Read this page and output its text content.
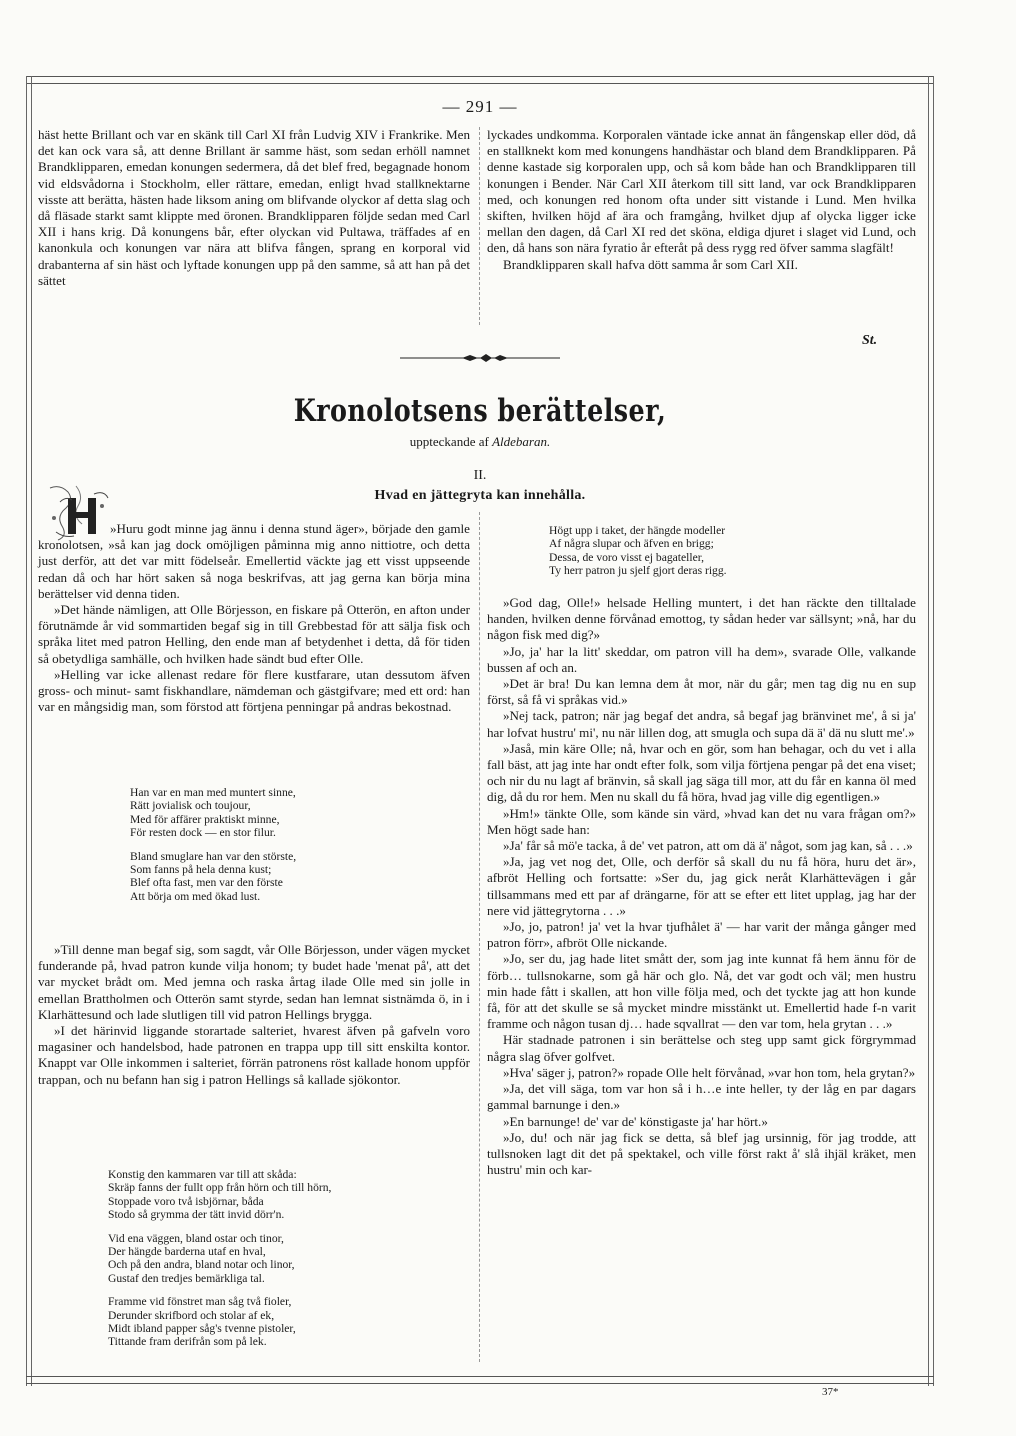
— 291 —

häst hette Brillant och var en skänk till Carl XI från Ludvig XIV i Frankrike. Men det kan ock vara så, att denne Brillant är samme häst, som sedan erhöll namnet Brandklipparen, emedan konungen sedermera, då det blef fred, begagnade honom vid eldsvådorna i Stockholm, eller rättare, emedan, enligt hvad stallknektarne visste att berätta, hästen hade liksom aning om blifvande olyckor af detta slag och då fläsade starkt samt klippte med öronen. Brandklipparen följde sedan med Carl XII i hans krig. Då konungens bår, efter olyckan vid Pultawa, träffades af en kanonkula och konungen var nära att blifva fången, sprang en korporal vid drabanterna af sin häst och lyftade konungen upp på den samme, så att han på det sättet

lyckades undkomma. Korporalen väntade icke annat än fångenskap eller död, då en stallknekt kom med konungens handhästar och bland dem Brandklipparen. På denne kastade sig korporalen upp, och så kom både han och Brandklipparen till konungen i Bender. När Carl XII återkom till sitt land, var ock Brandklipparen med, och konungen red honom ofta under sitt vistande i Lund. Men hvilka skiften, hvilken höjd af ära och framgång, hvilket djup af olycka ligger icke mellan den dagen, då Carl XI red det sköna, eldiga djuret i slaget vid Lund, och den, då hans son nära fyratio år efteråt på dess rygg red öfver samma slagfält!

Brandklipparen skall hafva dött samma år som Carl XII.

St.
Kronolotsens berättelser,
uppteckande af Aldebaran.
II.
Hvad en jättegryta kan innehålla.

»Huru godt minne jag ännu i denna stund äger», började den gamle kronolotsen, »så kan jag dock omöjligen påminna mig anno nittiotre, och detta just derför, att det var mitt födelseår. Emellertid väckte jag ett visst uppseende redan då och har hört saken så noga beskrifvas, att jag gerna kan börja mina berättelser vid denna tiden.

»Det hände nämligen, att Olle Börjesson, en fiskare på Otterön, en afton under förutnämde år vid sommartiden begaf sig in till Grebbestad för att sälja fisk och språka litet med patron Helling, den ende man af betydenhet i detta, då för tiden så obetydliga samhälle, och hvilken hade sändt bud efter Olle.

»Helling var icke allenast redare för flere kustfarare, utan dessutom äfven gross- och minut- samt fiskhandlare, nämdeman och gästgifvare; med ett ord: han var en mångsidig man, som förstod att förtjena penningar på andras bekostnad.

Han var en man med muntert sinne,
Rätt jovialisk och toujour,
Med för affärer praktiskt minne,
För resten dock — en stor filur.
Bland smuglare han var den störste,
Som fanns på hela denna kust;
Blef ofta fast, men var den förste
Att börja om med ökad lust.

»Till denne man begaf sig, som sagdt, vår Olle Börjesson, under vägen mycket funderande på, hvad patron kunde vilja honom; ty budet hade 'menat på', att det var mycket brådt om. Med jemna och raska årtag ilade Olle med sin jolle in emellan Brattholmen och Otterön samt styrde, sedan han lemnat sistnämda ö, in i Klarhättesund och lade slutligen till vid patron Hellings brygga.

»I det härinvid liggande storartade salteriet, hvarest äfven på gafveln voro magasiner och handelsbod, hade patronen en trappa upp till sitt enskilta kontor. Knappt var Olle inkommen i salteriet, förrän patronens röst kallade honom uppför trappan, och nu befann han sig i patron Hellings så kallade sjökontor.

Konstig den kammaren var till att skåda:
Skräp fanns der fullt opp från hörn och till hörn,
Stoppade voro två isbjörnar, båda
Stodo så grymma der tätt invid dörr'n.
Vid ena väggen, bland ostar och tinor,
Der hängde barderna utaf en hval,
Och på den andra, bland notar och linor,
Gustaf den tredjes bemärkliga tal.
Framme vid fönstret man såg två fioler,
Derunder skrifbord och stolar af ek,
Midt ibland papper såg's tvenne pistoler,
Tittande fram derifrån som på lek.
Högt upp i taket, der hängde modeller
Af några slupar och äfven en brigg;
Dessa, de voro visst ej bagateller,
Ty herr patron ju sjelf gjort deras rigg.

»God dag, Olle!» helsade Helling muntert, i det han räckte den tilltalade handen, hvilken denne förvånad emottog, ty sådan heder var sällsynt; »nå, har du någon fisk med dig?»

»Jo, ja' har la litt' skeddar, om patron vill ha dem», svarade Olle, valkande bussen af och an.

»Det är bra! Du kan lemna dem åt mor, när du går; men tag dig nu en sup först, så få vi språkas vid.»

»Nej tack, patron; när jag begaf det andra, så begaf jag bränvinet me', å si ja' har lofvat hustru' mi', nu när lillen dog, att smugla och supa dä ä' dä nu slutt me'.»

»Jaså, min käre Olle; nå, hvar och en gör, som han behagar, och du vet i alla fall bäst, att jag inte har ondt efter folk, som vilja förtjena pengar på det ena viset; och nir du nu lagt af bränvin, så skall jag säga till mor, att du får en kanna öl med dig, då du ror hem. Men nu skall du få höra, hvad jag ville dig egentligen.»

»Hm!» tänkte Olle, som kände sin värd, »hvad kan det nu vara frågan om?» Men högt sade han:

»Ja' får så mö'e tacka, å de' vet patron, att om dä ä' något, som jag kan, så . . .»

»Ja, jag vet nog det, Olle, och derför så skall du nu få höra, huru det är», afbröt Helling och fortsatte: »Ser du, jag gick neråt Klarhättevägen i går tillsammans med ett par af drängarne, för att se efter ett litet upplag, jag har der nere vid jättegrytorna . . .»

»Jo, jo, patron! ja' vet la hvar tjufhålet ä' — har varit der många gånger med patron förr», afbröt Olle nickande.

»Jo, ser du, jag hade litet smått der, som jag inte kunnat få hem ännu för de förb… tullsnokarne, som gå här och glo. Nå, det var godt och väl; men hustru min hade fått i skallen, att hon ville följa med, och det tyckte jag att hon kunde få, för att det skulle se så mycket mindre misstänkt ut. Emellertid hade f-n varit framme och någon tusan dj… hade sqvallrat — den var tom, hela grytan . . .»

Här stadnade patronen i sin berättelse och steg upp samt gick förgrymmad några slag öfver golfvet.

»Hva' säger j, patron?» ropade Olle helt förvånad, »var hon tom, hela grytan?»

»Ja, det vill säga, tom var hon så i h…e inte heller, ty der låg en par dagars gammal barnunge i den.»

»En barnunge! de' var de' könstigaste ja' har hört.»

»Jo, du! och när jag fick se detta, så blef jag ursinnig, för jag trodde, att tullsnoken lagt dit det på spektakel, och ville först rakt å' slå ihjäl kräket, men hustru' min och kar-

37*
